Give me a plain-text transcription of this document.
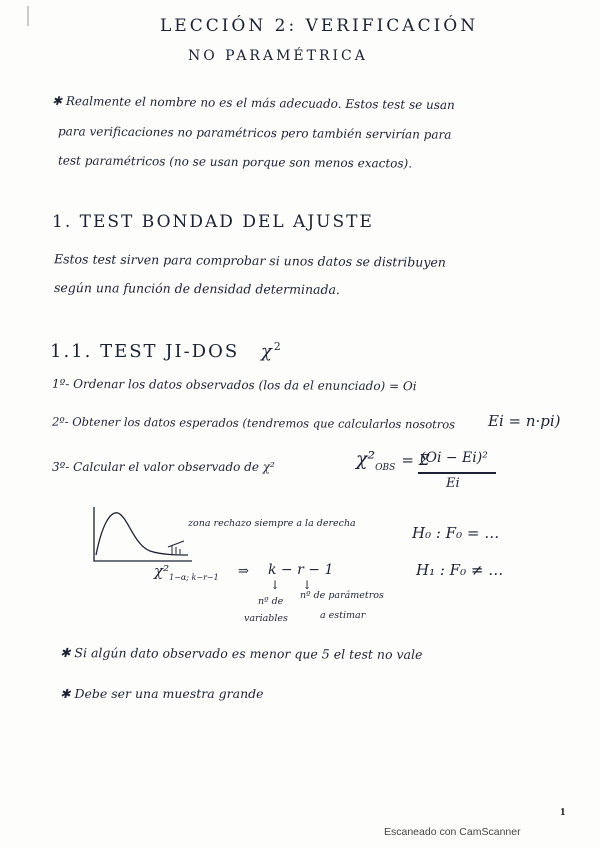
LECCIÓN 2: VERIFICACIÓN
NO PARAMÉTRICA
✱ Realmente el nombre no es el más adecuado. Estos test se usan
para verificaciones no paramétricos pero también servirían para
test paramétricos (no se usan porque son menos exactos).
1. TEST BONDAD DEL AJUSTE
Estos test sirven para comprobar si unos datos se distribuyen
según una función de densidad determinada.
1.1. TEST JI-DOS $\chi^2$
1º- Ordenar los datos observados (los da el enunciado) = Oi
2º- Obtener los datos esperados (tendremos que calcularlos nosotros Ei = n·pi)
3º- Calcular el valor observado de χ²	$\chi^2_{OBS} = \Sigma$
(Oi − Ei)²
Ei
zona rechazo siempre a la derecha
$\chi^2_{1-\alpha; k-r-1}$ ⇒ k − r − 1
↓ ↓
nº de
variables
nº de parámetros
a estimar
H₀ : F₀ = …
H₁ : F₀ ≠ …
✱ Si algún dato observado es menor que 5 el test no vale
✱ Debe ser una muestra grande
1
Escaneado con CamScanner
